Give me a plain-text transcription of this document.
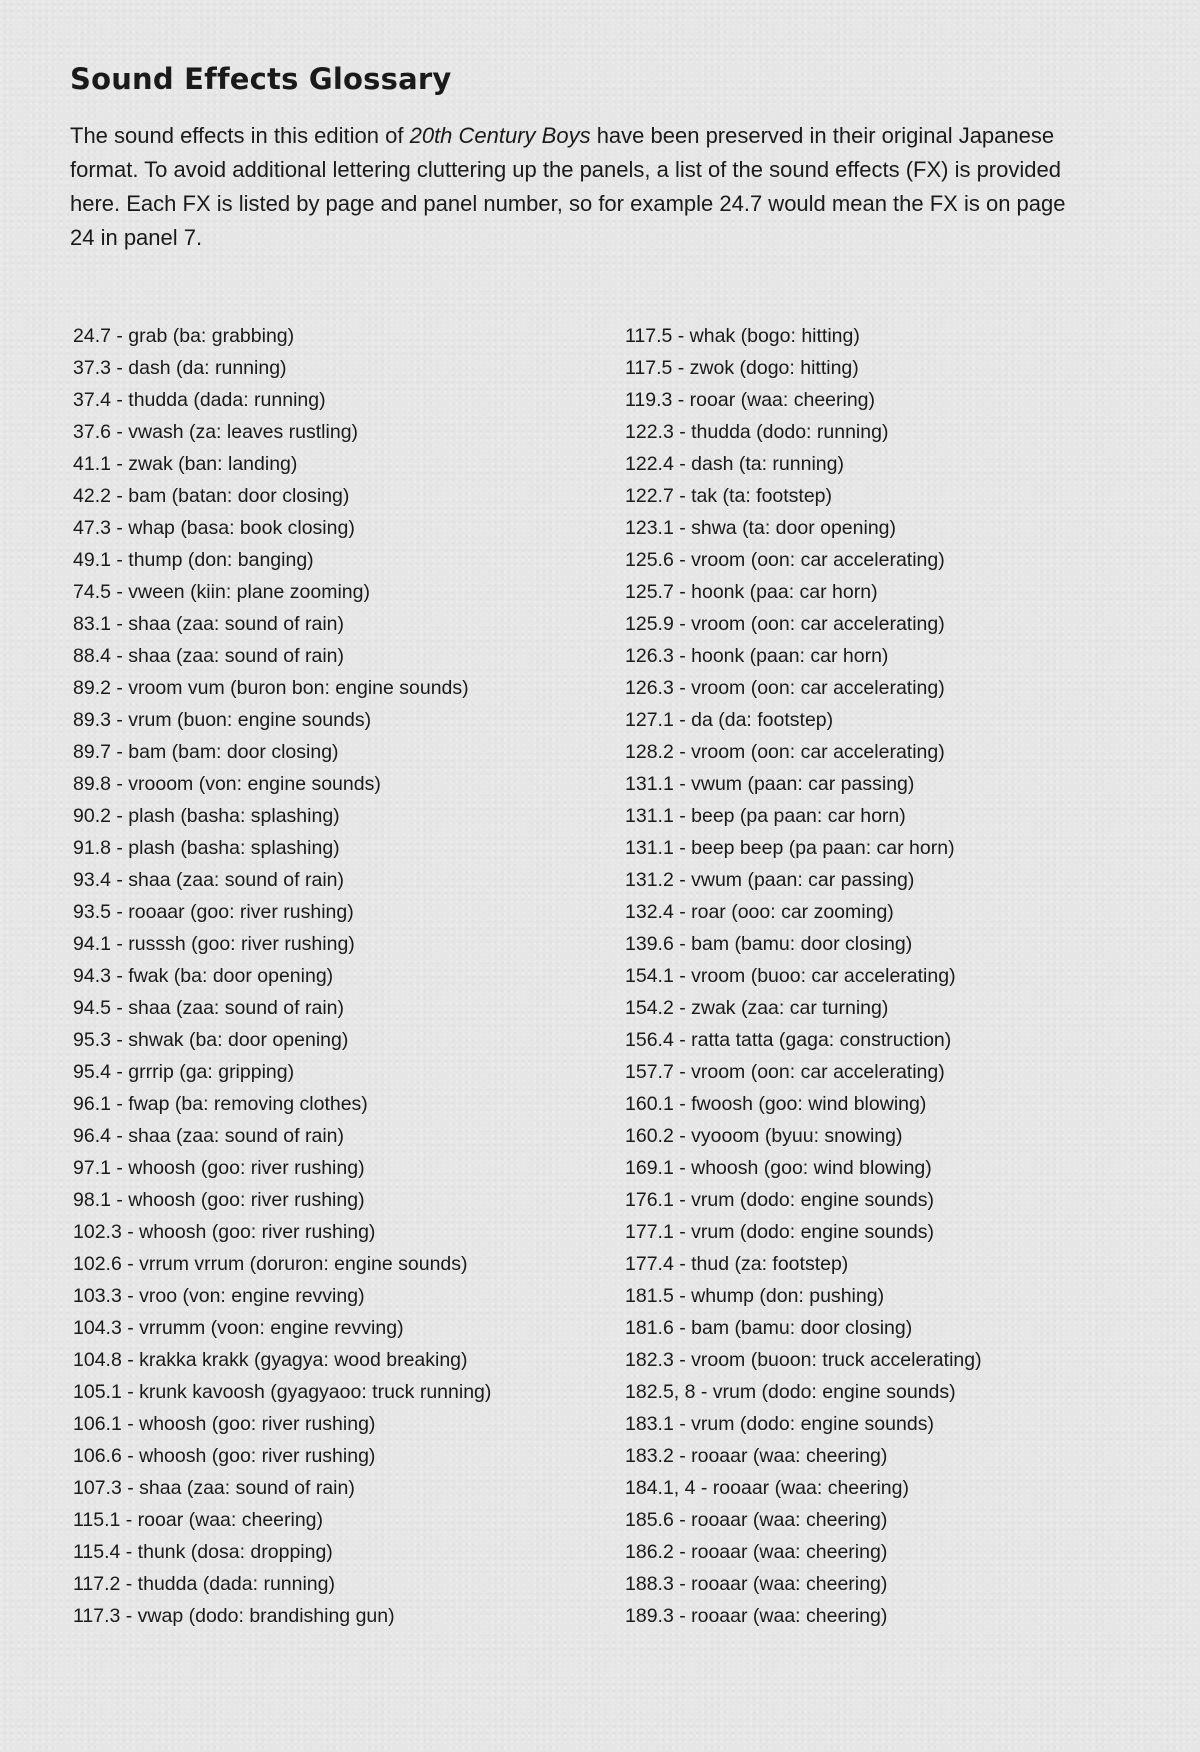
Sound Effects Glossary

The sound effects in this edition of 20th Century Boys have been preserved in their original Japanese format. To avoid additional lettering cluttering up the panels, a list of the sound effects (FX) is provided here. Each FX is listed by page and panel number, so for example 24.7 would mean the FX is on page 24 in panel 7.

24.7 - grab (ba: grabbing)
37.3 - dash (da: running)
37.4 - thudda (dada: running)
37.6 - vwash (za: leaves rustling)
41.1 - zwak (ban: landing)
42.2 - bam (batan: door closing)
47.3 - whap (basa: book closing)
49.1 - thump (don: banging)
74.5 - vween (kiin: plane zooming)
83.1 - shaa (zaa: sound of rain)
88.4 - shaa (zaa: sound of rain)
89.2 - vroom vum (buron bon: engine sounds)
89.3 - vrum (buon: engine sounds)
89.7 - bam (bam: door closing)
89.8 - vrooom (von: engine sounds)
90.2 - plash (basha: splashing)
91.8 - plash (basha: splashing)
93.4 - shaa (zaa: sound of rain)
93.5 - rooaar (goo: river rushing)
94.1 - russsh (goo: river rushing)
94.3 - fwak (ba: door opening)
94.5 - shaa (zaa: sound of rain)
95.3 - shwak (ba: door opening)
95.4 - grrrip (ga: gripping)
96.1 - fwap (ba: removing clothes)
96.4 - shaa (zaa: sound of rain)
97.1 - whoosh (goo: river rushing)
98.1 - whoosh (goo: river rushing)
102.3 - whoosh (goo: river rushing)
102.6 - vrrum vrrum (doruron: engine sounds)
103.3 - vroo (von: engine revving)
104.3 - vrrumm (voon: engine revving)
104.8 - krakka krakk (gyagya: wood breaking)
105.1 - krunk kavoosh (gyagyaoo: truck running)
106.1 - whoosh (goo: river rushing)
106.6 - whoosh (goo: river rushing)
107.3 - shaa (zaa: sound of rain)
115.1 - rooar (waa: cheering)
115.4 - thunk (dosa: dropping)
117.2 - thudda (dada: running)
117.3 - vwap (dodo: brandishing gun)
117.5 - whak (bogo: hitting)
117.5 - zwok (dogo: hitting)
119.3 - rooar (waa: cheering)
122.3 - thudda (dodo: running)
122.4 - dash (ta: running)
122.7 - tak (ta: footstep)
123.1 - shwa (ta: door opening)
125.6 - vroom (oon: car accelerating)
125.7 - hoonk (paa: car horn)
125.9 - vroom (oon: car accelerating)
126.3 - hoonk (paan: car horn)
126.3 - vroom (oon: car accelerating)
127.1 - da (da: footstep)
128.2 - vroom (oon: car accelerating)
131.1 - vwum (paan: car passing)
131.1 - beep (pa paan: car horn)
131.1 - beep beep (pa paan: car horn)
131.2 - vwum (paan: car passing)
132.4 - roar (ooo: car zooming)
139.6 - bam (bamu: door closing)
154.1 - vroom (buoo: car accelerating)
154.2 - zwak (zaa: car turning)
156.4 - ratta tatta (gaga: construction)
157.7 - vroom (oon: car accelerating)
160.1 - fwoosh (goo: wind blowing)
160.2 - vyooom (byuu: snowing)
169.1 - whoosh (goo: wind blowing)
176.1 - vrum (dodo: engine sounds)
177.1 - vrum (dodo: engine sounds)
177.4 - thud (za: footstep)
181.5 - whump (don: pushing)
181.6 - bam (bamu: door closing)
182.3 - vroom (buoon: truck accelerating)
182.5, 8 - vrum (dodo: engine sounds)
183.1 - vrum (dodo: engine sounds)
183.2 - rooaar (waa: cheering)
184.1, 4 - rooaar (waa: cheering)
185.6 - rooaar (waa: cheering)
186.2 - rooaar (waa: cheering)
188.3 - rooaar (waa: cheering)
189.3 - rooaar (waa: cheering)
